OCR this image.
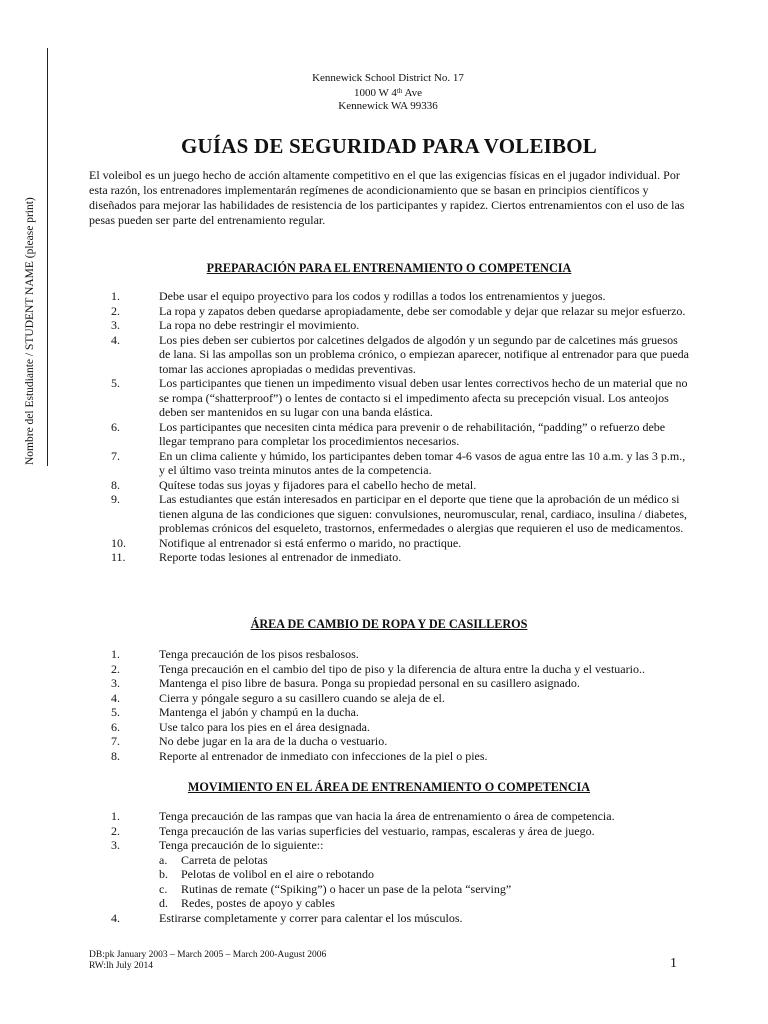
Nombre del Estudiante / STUDENT NAME (please print)
Kennewick School District No. 17
1000 W 4th Ave
Kennewick WA 99336
GUÍAS DE SEGURIDAD PARA VOLEIBOL

El voleibol es un juego hecho de acción altamente competitivo en el que las exigencias físicas en el jugador individual. Por esta razón, los entrenadores implementarán regímenes de acondicionamiento que se basan en principios científicos y diseñados para mejorar las habilidades de resistencia de los participantes y rapidez. Ciertos entrenamientos con el uso de las pesas pueden ser parte del entrenamiento regular.

PREPARACIÓN PARA EL ENTRENAMIENTO O COMPETENCIA
1.	Debe usar el equipo proyectivo para los codos y rodillas a todos los entrenamientos y juegos.
2.	La ropa y zapatos deben quedarse apropiadamente, debe ser comodable y dejar que relazar su mejor esfuerzo.
3.	La ropa no debe restringir el movimiento.
4.	Los pies deben ser cubiertos por calcetines delgados de algodón y un segundo par de calcetines más gruesos de lana. Si las ampollas son un problema crónico, o empiezan aparecer, notifique al entrenador para que pueda tomar las acciones apropiadas o medidas preventivas.
5.	Los participantes que tienen un impedimento visual deben usar lentes correctivos hecho de un material que no se rompa (“shatterproof”) o lentes de contacto si el impedimento afecta su precepción visual. Los anteojos deben ser mantenidos en su lugar con una banda elástica.
6.	Los participantes que necesiten cinta médica para prevenir o de rehabilitación, “padding” o refuerzo debe llegar temprano para completar los procedimientos necesarios.
7.	En un clima caliente y húmido, los participantes deben tomar 4-6 vasos de agua entre las 10 a.m. y las 3 p.m., y el último vaso treinta minutos antes de la competencia.
8.	Quítese todas sus joyas y fijadores para el cabello hecho de metal.
9.	Las estudiantes que están interesados en participar en el deporte que tiene que la aprobación de un médico si tienen alguna de las condiciones que siguen: convulsiones, neuromuscular, renal, cardiaco, insulina / diabetes, problemas crónicos del esqueleto, trastornos, enfermedades o alergias que requieren el uso de medicamentos.
10.	Notifique al entrenador si está enfermo o marido, no practique.
11.	Reporte todas lesiones al entrenador de inmediato.
ÁREA DE CAMBIO DE ROPA Y DE CASILLEROS
1.	Tenga precaución de los pisos resbalosos.
2.	Tenga precaución en el cambio del tipo de piso y la diferencia de altura entre la ducha y el vestuario..
3.	Mantenga el piso libre de basura. Ponga su propiedad personal en su casillero asignado.
4.	Cierra y póngale seguro a su casillero cuando se aleja de el.
5.	Mantenga el jabón y champú en la ducha.
6.	Use talco para los pies en el área designada.
7.	No debe jugar en la ara de la ducha o vestuario.
8.	Reporte al entrenador de inmediato con infecciones de la piel o pies.
MOVIMIENTO EN EL ÁREA DE ENTRENAMIENTO O COMPETENCIA
1.	Tenga precaución de las rampas que van hacia la área de entrenamiento o área de competencia.
2.	Tenga precaución de las varias superficies del vestuario, rampas, escaleras y área de juego.
3.	Tenga precaución de lo siguiente::
a. Carreta de pelotas
b. Pelotas de volibol en el aire o rebotando
c. Rutinas de remate (“Spiking”) o hacer un pase de la pelota “serving”
d. Redes, postes de apoyo y cables
4.	Estirarse completamente y correr para calentar el los músculos.
DB:pk January 2003 – March 2005 – March 200-August 2006
RW:lh July 2014	1
